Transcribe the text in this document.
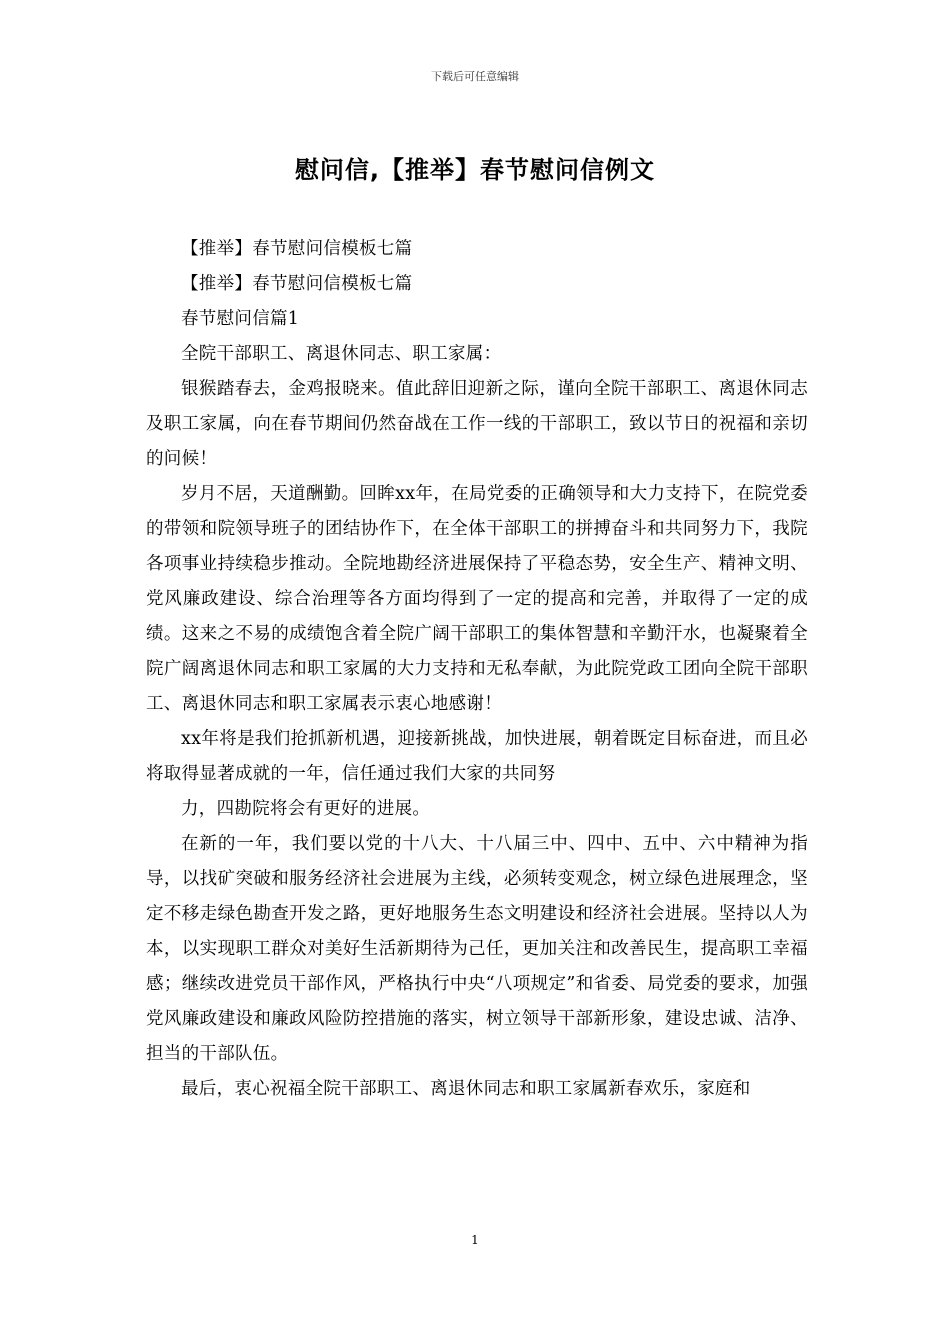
下载后可任意编辑
慰问信,【推举】春节慰问信例文

【推举】春节慰问信模板七篇

【推举】春节慰问信模板七篇

春节慰问信篇1

全院干部职工、离退休同志、职工家属：

银猴踏春去，金鸡报晓来。值此辞旧迎新之际，谨向全院干部职工、离退休同志及职工家属，向在春节期间仍然奋战在工作一线的干部职工，致以节日的祝福和亲切的问候！

岁月不居，天道酬勤。回眸xx年，在局党委的正确领导和大力支持下，在院党委的带领和院领导班子的团结协作下，在全体干部职工的拼搏奋斗和共同努力下，我院各项事业持续稳步推动。全院地勘经济进展保持了平稳态势，安全生产、精神文明、党风廉政建设、综合治理等各方面均得到了一定的提高和完善，并取得了一定的成绩。这来之不易的成绩饱含着全院广阔干部职工的集体智慧和辛勤汗水，也凝聚着全院广阔离退休同志和职工家属的大力支持和无私奉献，为此院党政工团向全院干部职工、离退休同志和职工家属表示衷心地感谢！

xx年将是我们抢抓新机遇，迎接新挑战，加快进展，朝着既定目标奋进，而且必将取得显著成就的一年，信任通过我们大家的共同努

力，四勘院将会有更好的进展。

在新的一年，我们要以党的十八大、十八届三中、四中、五中、六中精神为指导，以找矿突破和服务经济社会进展为主线，必须转变观念，树立绿色进展理念，坚定不移走绿色勘查开发之路，更好地服务生态文明建设和经济社会进展。坚持以人为本，以实现职工群众对美好生活新期待为己任，更加关注和改善民生，提高职工幸福感；继续改进党员干部作风，严格执行中央“八项规定”和省委、局党委的要求，加强党风廉政建设和廉政风险防控措施的落实，树立领导干部新形象，建设忠诚、洁净、担当的干部队伍。

最后，衷心祝福全院干部职工、离退休同志和职工家属新春欢乐，家庭和

1
